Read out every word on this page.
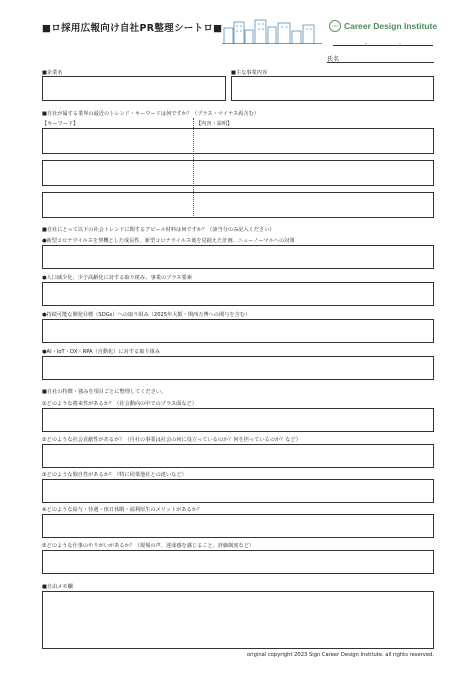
■ロ採用広報向け自社PR整理シートロ■	CDI Career Design Institute
.	.
氏名
■企業名	■主な事業内容
■自社が属する業界の最近のトレンド・キーワードは何ですか？（プラス・マイナス両含む）
【キーワード】	【内容・説明】
■自社にとって以下の社会トレンドに関するアピール材料は何ですか？（該当分のみ記入ください）
●新型コロナウイルスを契機とした成長性、新型コロナウイルス後を見据えた計画、ニューノーマルへの対策
●人口減少化、少子高齢化に対する取り組み、事業のプラス要素
●持続可能な開発目標（SDGs）への取り組み（2025年大阪・関西万博への関与を含む）
●AI・IoT・DX・RPA（自動化）に対する取り組み
■自社の特徴・強みを項目ごとに整理してください。
①どのような将来性があるか？（社会動向の中でのプラス面など）
②どのような社会貢献性があるか？（自社の事業は社会の何に役立っているのか？何を担っているのか？など）
③どのような独自性があるか？（特に同業他社との違いなど）
④どのような給与・待遇・休日休暇・福利厚生のメリットがあるか？
⑤どのような仕事のやりがいがあるか？（現場の声、達成感を感じること、評価制度など）
■自由メモ欄
original copyright 2023 Sign Career Design Institute. all rights reserved.
